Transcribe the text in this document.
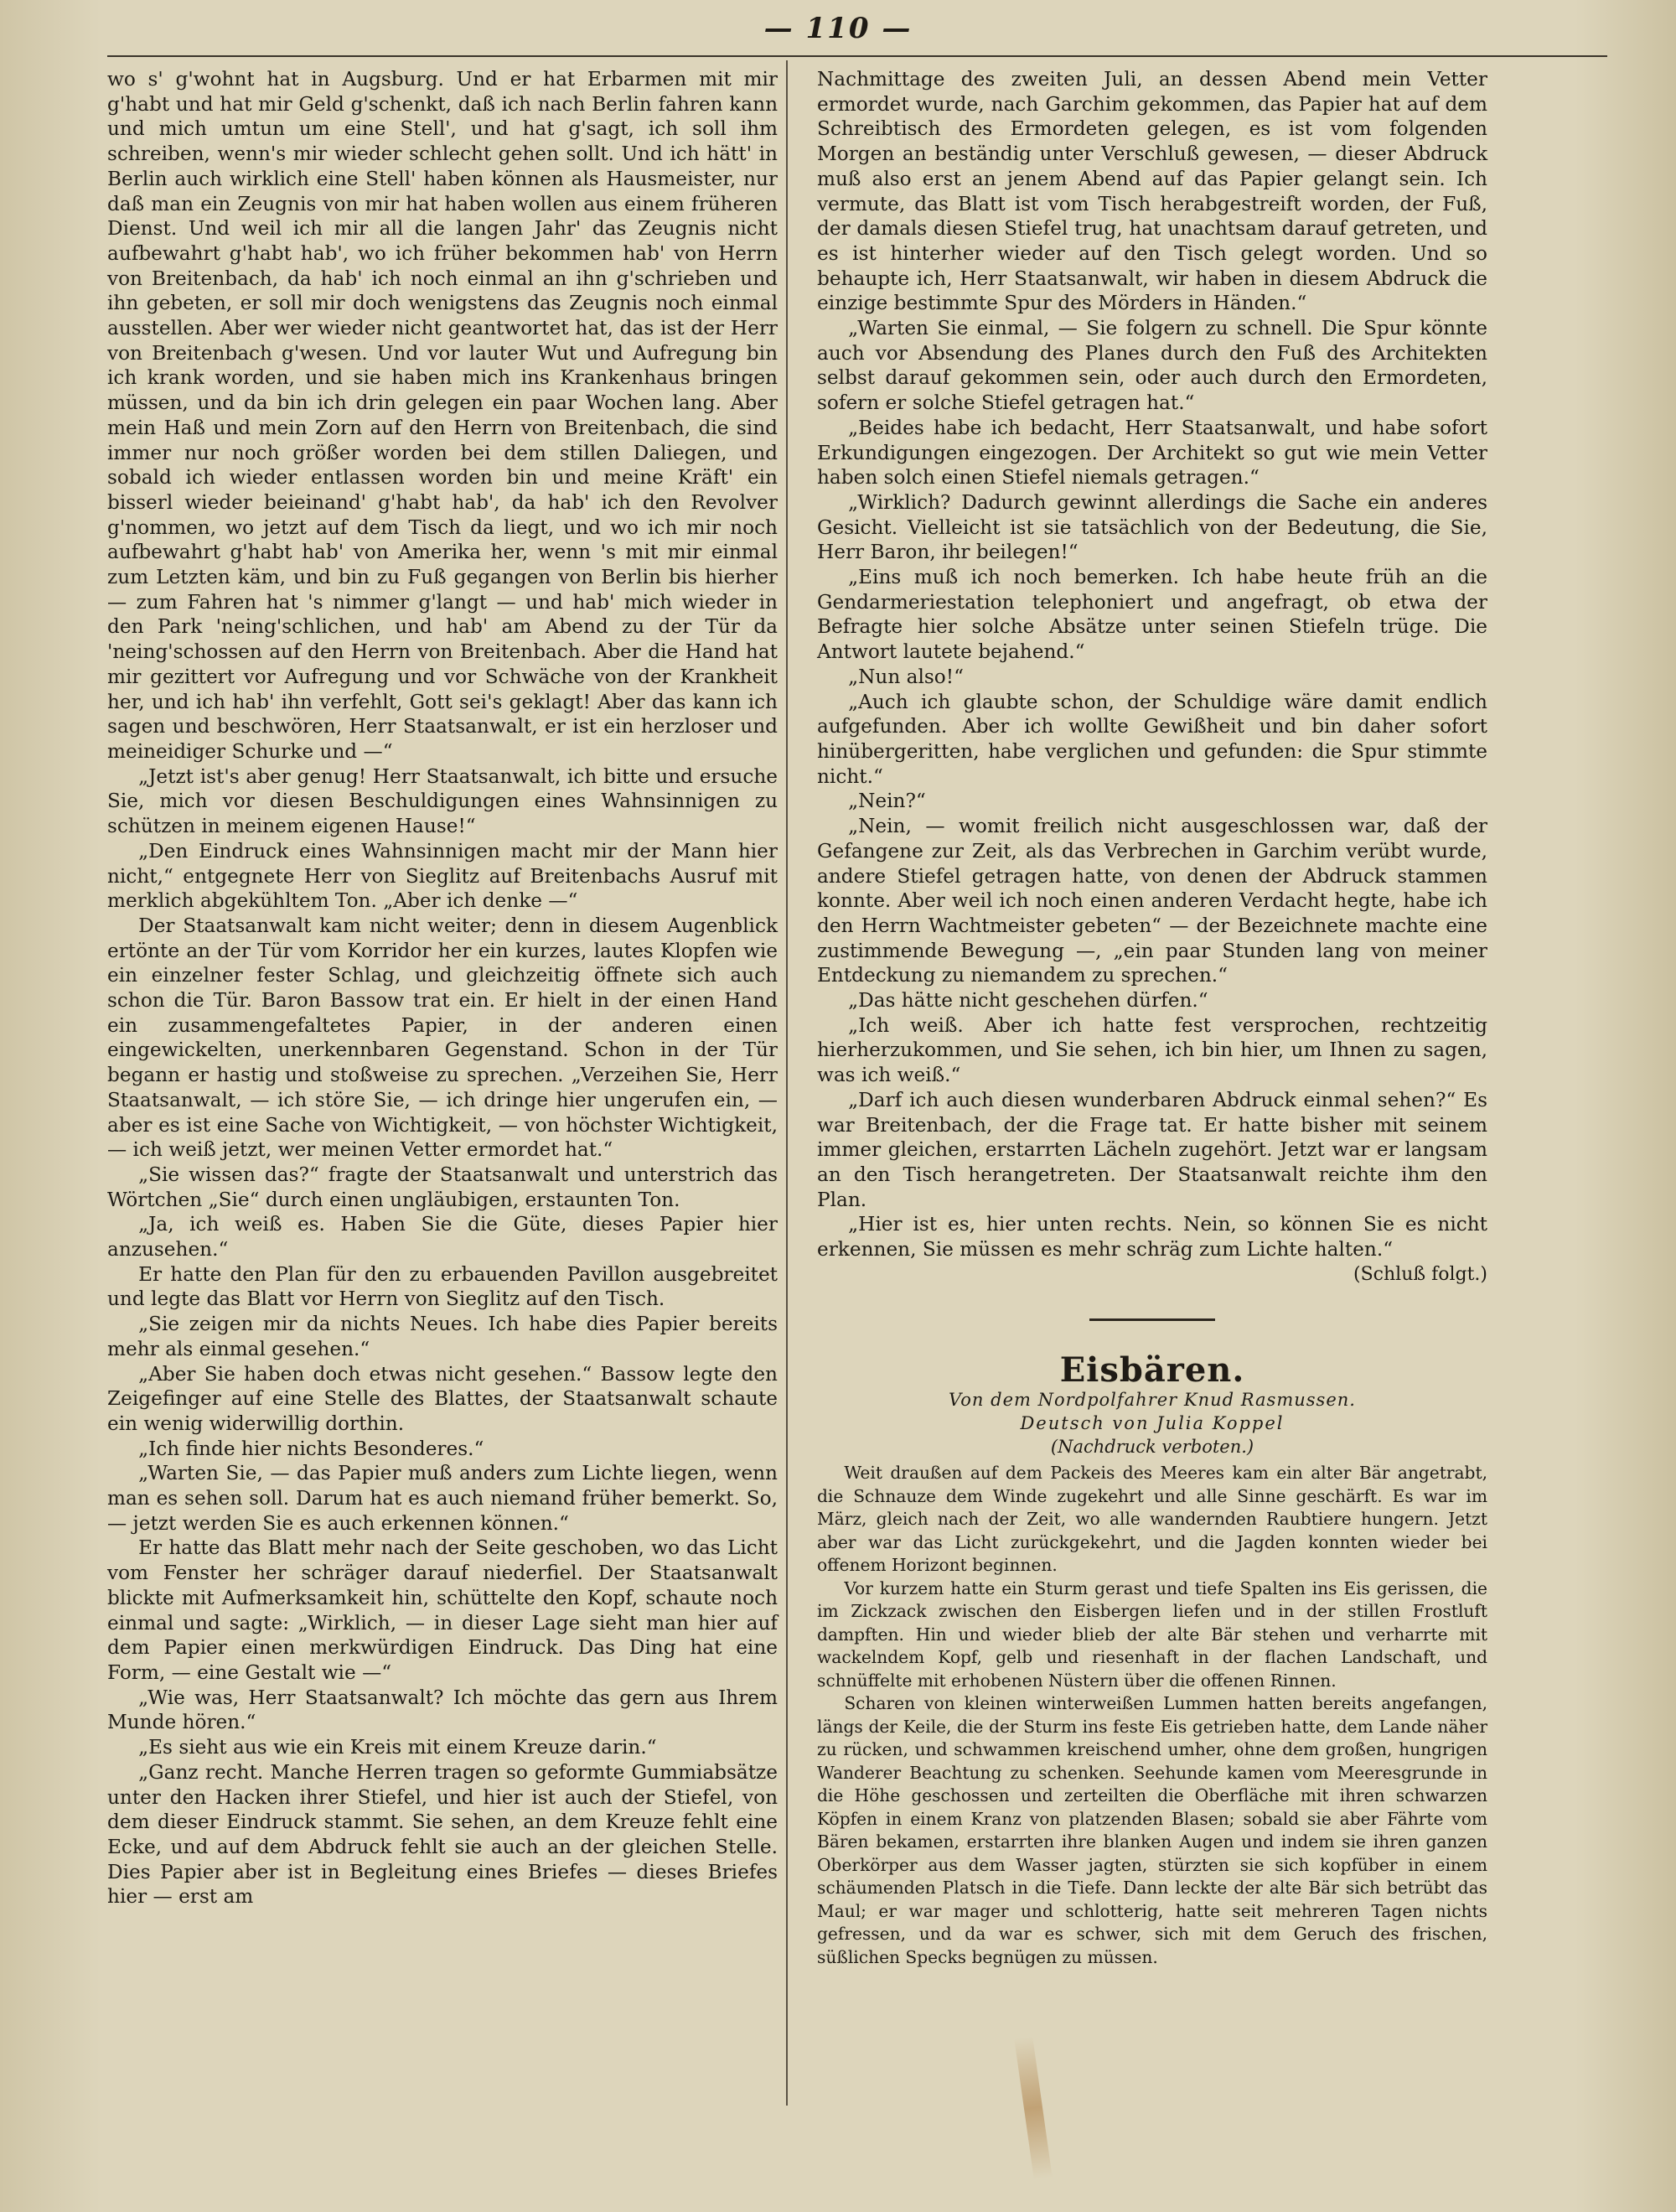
— 110 —

wo s' g'wohnt hat in Augsburg. Und er hat Erbarmen mit mir g'habt und hat mir Geld g'schenkt, daß ich nach Berlin fahren kann und mich umtun um eine Stell', und hat g'sagt, ich soll ihm schreiben, wenn's mir wieder schlecht gehen sollt. Und ich hätt' in Berlin auch wirklich eine Stell' haben können als Hausmeister, nur daß man ein Zeugnis von mir hat haben wollen aus einem früheren Dienst. Und weil ich mir all die langen Jahr' das Zeugnis nicht aufbewahrt g'habt hab', wo ich früher bekommen hab' von Herrn von Breitenbach, da hab' ich noch einmal an ihn g'schrieben und ihn gebeten, er soll mir doch wenigstens das Zeugnis noch einmal ausstellen. Aber wer wieder nicht geantwortet hat, das ist der Herr von Breitenbach g'wesen. Und vor lauter Wut und Aufregung bin ich krank worden, und sie haben mich ins Krankenhaus bringen müssen, und da bin ich drin gelegen ein paar Wochen lang. Aber mein Haß und mein Zorn auf den Herrn von Breitenbach, die sind immer nur noch größer worden bei dem stillen Daliegen, und sobald ich wieder entlassen worden bin und meine Kräft' ein bisserl wieder beieinand' g'habt hab', da hab' ich den Revolver g'nommen, wo jetzt auf dem Tisch da liegt, und wo ich mir noch aufbewahrt g'habt hab' von Amerika her, wenn 's mit mir einmal zum Letzten käm, und bin zu Fuß gegangen von Berlin bis hierher — zum Fahren hat 's nimmer g'langt — und hab' mich wieder in den Park 'neing'schlichen, und hab' am Abend zu der Tür da 'neing'schossen auf den Herrn von Breitenbach. Aber die Hand hat mir gezittert vor Aufregung und vor Schwäche von der Krankheit her, und ich hab' ihn verfehlt, Gott sei's geklagt! Aber das kann ich sagen und beschwören, Herr Staatsanwalt, er ist ein herzloser und meineidiger Schurke und —“

„Jetzt ist's aber genug! Herr Staatsanwalt, ich bitte und ersuche Sie, mich vor diesen Beschuldigungen eines Wahnsinnigen zu schützen in meinem eigenen Hause!“

„Den Eindruck eines Wahnsinnigen macht mir der Mann hier nicht,“ entgegnete Herr von Sieglitz auf Breitenbachs Ausruf mit merklich abgekühltem Ton. „Aber ich denke —“

Der Staatsanwalt kam nicht weiter; denn in diesem Augenblick ertönte an der Tür vom Korridor her ein kurzes, lautes Klopfen wie ein einzelner fester Schlag, und gleichzeitig öffnete sich auch schon die Tür. Baron Bassow trat ein. Er hielt in der einen Hand ein zusammengefaltetes Papier, in der anderen einen eingewickelten, unerkennbaren Gegenstand. Schon in der Tür begann er hastig und stoßweise zu sprechen. „Verzeihen Sie, Herr Staatsanwalt, — ich störe Sie, — ich dringe hier ungerufen ein, — aber es ist eine Sache von Wichtigkeit, — von höchster Wichtigkeit, — ich weiß jetzt, wer meinen Vetter ermordet hat.“

„Sie wissen das?“ fragte der Staatsanwalt und unterstrich das Wörtchen „Sie“ durch einen ungläubigen, erstaunten Ton.

„Ja, ich weiß es. Haben Sie die Güte, dieses Papier hier anzusehen.“

Er hatte den Plan für den zu erbauenden Pavillon ausgebreitet und legte das Blatt vor Herrn von Sieglitz auf den Tisch.

„Sie zeigen mir da nichts Neues. Ich habe dies Papier bereits mehr als einmal gesehen.“

„Aber Sie haben doch etwas nicht gesehen.“ Bassow legte den Zeigefinger auf eine Stelle des Blattes, der Staatsanwalt schaute ein wenig widerwillig dorthin.

„Ich finde hier nichts Besonderes.“

„Warten Sie, — das Papier muß anders zum Lichte liegen, wenn man es sehen soll. Darum hat es auch niemand früher bemerkt. So, — jetzt werden Sie es auch erkennen können.“

Er hatte das Blatt mehr nach der Seite geschoben, wo das Licht vom Fenster her schräger darauf niederfiel. Der Staatsanwalt blickte mit Aufmerksamkeit hin, schüttelte den Kopf, schaute noch einmal und sagte: „Wirklich, — in dieser Lage sieht man hier auf dem Papier einen merkwürdigen Eindruck. Das Ding hat eine Form, — eine Gestalt wie —“

„Wie was, Herr Staatsanwalt? Ich möchte das gern aus Ihrem Munde hören.“

„Es sieht aus wie ein Kreis mit einem Kreuze darin.“

„Ganz recht. Manche Herren tragen so geformte Gummiabsätze unter den Hacken ihrer Stiefel, und hier ist auch der Stiefel, von dem dieser Eindruck stammt. Sie sehen, an dem Kreuze fehlt eine Ecke, und auf dem Abdruck fehlt sie auch an der gleichen Stelle. Dies Papier aber ist in Begleitung eines Briefes — dieses Briefes hier — erst am

Nachmittage des zweiten Juli, an dessen Abend mein Vetter ermordet wurde, nach Garchim gekommen, das Papier hat auf dem Schreibtisch des Ermordeten gelegen, es ist vom folgenden Morgen an beständig unter Verschluß gewesen, — dieser Abdruck muß also erst an jenem Abend auf das Papier gelangt sein. Ich vermute, das Blatt ist vom Tisch herabgestreift worden, der Fuß, der damals diesen Stiefel trug, hat unachtsam darauf getreten, und es ist hinterher wieder auf den Tisch gelegt worden. Und so behaupte ich, Herr Staatsanwalt, wir haben in diesem Abdruck die einzige bestimmte Spur des Mörders in Händen.“

„Warten Sie einmal, — Sie folgern zu schnell. Die Spur könnte auch vor Absendung des Planes durch den Fuß des Architekten selbst darauf gekommen sein, oder auch durch den Ermordeten, sofern er solche Stiefel getragen hat.“

„Beides habe ich bedacht, Herr Staatsanwalt, und habe sofort Erkundigungen eingezogen. Der Architekt so gut wie mein Vetter haben solch einen Stiefel niemals getragen.“

„Wirklich? Dadurch gewinnt allerdings die Sache ein anderes Gesicht. Vielleicht ist sie tatsächlich von der Bedeutung, die Sie, Herr Baron, ihr beilegen!“

„Eins muß ich noch bemerken. Ich habe heute früh an die Gendarmeriestation telephoniert und angefragt, ob etwa der Befragte hier solche Absätze unter seinen Stiefeln trüge. Die Antwort lautete bejahend.“

„Nun also!“

„Auch ich glaubte schon, der Schuldige wäre damit endlich aufgefunden. Aber ich wollte Gewißheit und bin daher sofort hinübergeritten, habe verglichen und gefunden: die Spur stimmte nicht.“

„Nein?“

„Nein, — womit freilich nicht ausgeschlossen war, daß der Gefangene zur Zeit, als das Verbrechen in Garchim verübt wurde, andere Stiefel getragen hatte, von denen der Abdruck stammen konnte. Aber weil ich noch einen anderen Verdacht hegte, habe ich den Herrn Wachtmeister gebeten“ — der Bezeichnete machte eine zustimmende Bewegung —, „ein paar Stunden lang von meiner Entdeckung zu niemandem zu sprechen.“

„Das hätte nicht geschehen dürfen.“

„Ich weiß. Aber ich hatte fest versprochen, rechtzeitig hierherzukommen, und Sie sehen, ich bin hier, um Ihnen zu sagen, was ich weiß.“

„Darf ich auch diesen wunderbaren Abdruck einmal sehen?“ Es war Breitenbach, der die Frage tat. Er hatte bisher mit seinem immer gleichen, erstarrten Lächeln zugehört. Jetzt war er langsam an den Tisch herangetreten. Der Staatsanwalt reichte ihm den Plan.

„Hier ist es, hier unten rechts. Nein, so können Sie es nicht erkennen, Sie müssen es mehr schräg zum Lichte halten.“

(Schluß folgt.)

Eisbären.
Von dem Nordpolfahrer Knud Rasmussen.
Deutsch von Julia Koppel
(Nachdruck verboten.)

Weit draußen auf dem Packeis des Meeres kam ein alter Bär angetrabt, die Schnauze dem Winde zugekehrt und alle Sinne geschärft. Es war im März, gleich nach der Zeit, wo alle wandernden Raubtiere hungern. Jetzt aber war das Licht zurückgekehrt, und die Jagden konnten wieder bei offenem Horizont beginnen.

Vor kurzem hatte ein Sturm gerast und tiefe Spalten ins Eis gerissen, die im Zickzack zwischen den Eisbergen liefen und in der stillen Frostluft dampften. Hin und wieder blieb der alte Bär stehen und verharrte mit wackelndem Kopf, gelb und riesenhaft in der flachen Landschaft, und schnüffelte mit erhobenen Nüstern über die offenen Rinnen.

Scharen von kleinen winterweißen Lummen hatten bereits angefangen, längs der Keile, die der Sturm ins feste Eis getrieben hatte, dem Lande näher zu rücken, und schwammen kreischend umher, ohne dem großen, hungrigen Wanderer Beachtung zu schenken. Seehunde kamen vom Meeresgrunde in die Höhe geschossen und zerteilten die Oberfläche mit ihren schwarzen Köpfen in einem Kranz von platzenden Blasen; sobald sie aber Fährte vom Bären bekamen, erstarrten ihre blanken Augen und indem sie ihren ganzen Oberkörper aus dem Wasser jagten, stürzten sie sich kopfüber in einem schäumenden Platsch in die Tiefe. Dann leckte der alte Bär sich betrübt das Maul; er war mager und schlotterig, hatte seit mehreren Tagen nichts gefressen, und da war es schwer, sich mit dem Geruch des frischen, süßlichen Specks begnügen zu müssen.
